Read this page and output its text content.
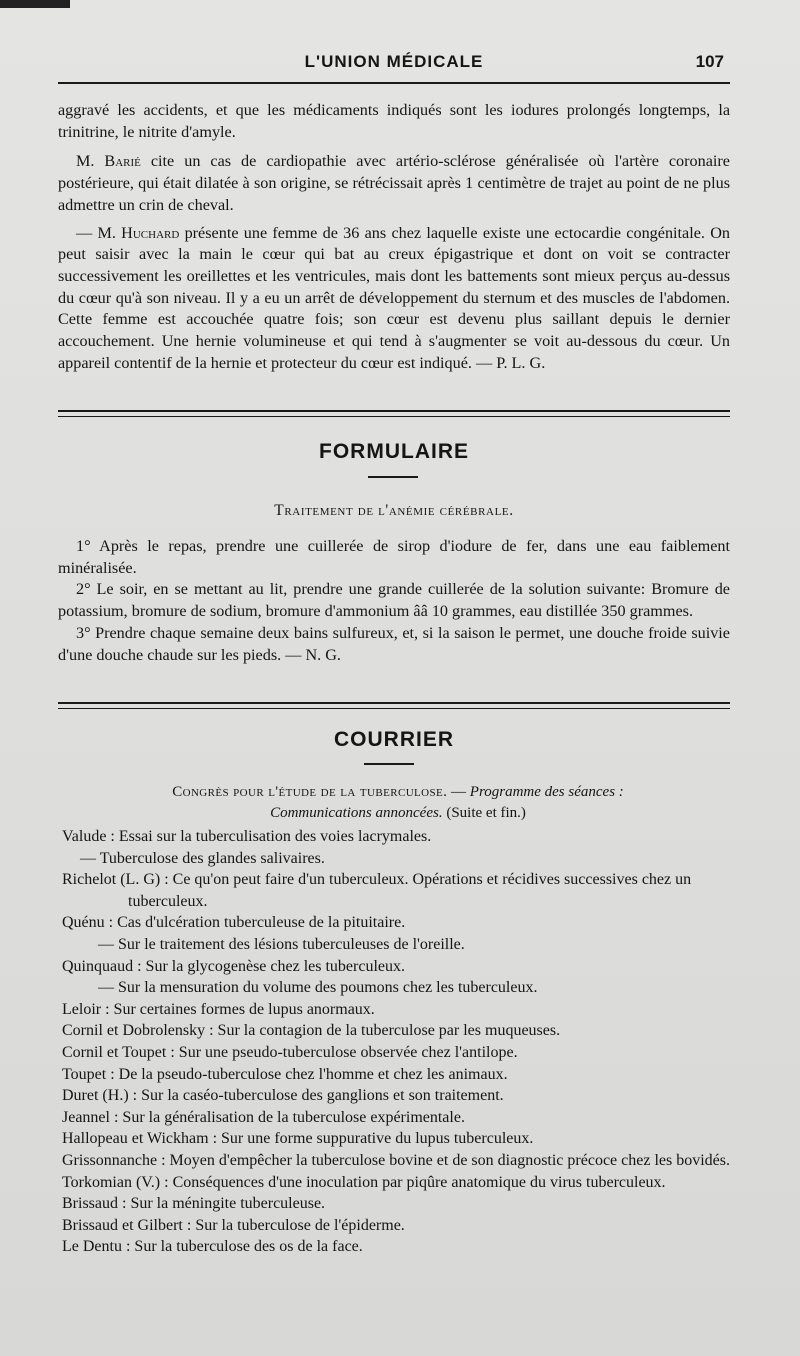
L'UNION MÉDICALE	107

aggravé les accidents, et que les médicaments indiqués sont les iodures prolongés longtemps, la trinitrine, le nitrite d'amyle.

M. Barié cite un cas de cardiopathie avec artério-sclérose généralisée où l'artère coronaire postérieure, qui était dilatée à son origine, se rétrécissait après 1 centimètre de trajet au point de ne plus admettre un crin de cheval.

— M. Huchard présente une femme de 36 ans chez laquelle existe une ectocardie congénitale. On peut saisir avec la main le cœur qui bat au creux épigastrique et dont on voit se contracter successivement les oreillettes et les ventricules, mais dont les battements sont mieux perçus au-dessus du cœur qu'à son niveau. Il y a eu un arrêt de développement du sternum et des muscles de l'abdomen. Cette femme est accouchée quatre fois; son cœur est devenu plus saillant depuis le dernier accouchement. Une hernie volumineuse et qui tend à s'augmenter se voit au-dessous du cœur. Un appareil contentif de la hernie et protecteur du cœur est indiqué. — P. L. G.

FORMULAIRE
Traitement de l'anémie cérébrale.

1° Après le repas, prendre une cuillerée de sirop d'iodure de fer, dans une eau faiblement minéralisée.

2° Le soir, en se mettant au lit, prendre une grande cuillerée de la solution suivante: Bromure de potassium, bromure de sodium, bromure d'ammonium ââ 10 grammes, eau distillée 350 grammes.

3° Prendre chaque semaine deux bains sulfureux, et, si la saison le permet, une douche froide suivie d'une douche chaude sur les pieds. — N. G.

COURRIER
Congrès pour l'étude de la tuberculose. — Programme des séances :
Communications annoncées. (Suite et fin.)

Valude : Essai sur la tuberculisation des voies lacrymales.

— Tuberculose des glandes salivaires.

Richelot (L. G) : Ce qu'on peut faire d'un tuberculeux. Opérations et récidives successives chez un tuberculeux.

Quénu : Cas d'ulcération tuberculeuse de la pituitaire.

— Sur le traitement des lésions tuberculeuses de l'oreille.

Quinquaud : Sur la glycogenèse chez les tuberculeux.

— Sur la mensuration du volume des poumons chez les tuberculeux.

Leloir : Sur certaines formes de lupus anormaux.

Cornil et Dobrolensky : Sur la contagion de la tuberculose par les muqueuses.

Cornil et Toupet : Sur une pseudo-tuberculose observée chez l'antilope.

Toupet : De la pseudo-tuberculose chez l'homme et chez les animaux.

Duret (H.) : Sur la caséo-tuberculose des ganglions et son traitement.

Jeannel : Sur la généralisation de la tuberculose expérimentale.

Hallopeau et Wickham : Sur une forme suppurative du lupus tuberculeux.

Grissonnanche : Moyen d'empêcher la tuberculose bovine et de son diagnostic précoce chez les bovidés.

Torkomian (V.) : Conséquences d'une inoculation par piqûre anatomique du virus tuberculeux.

Brissaud : Sur la méningite tuberculeuse.

Brissaud et Gilbert : Sur la tuberculose de l'épiderme.

Le Dentu : Sur la tuberculose des os de la face.
